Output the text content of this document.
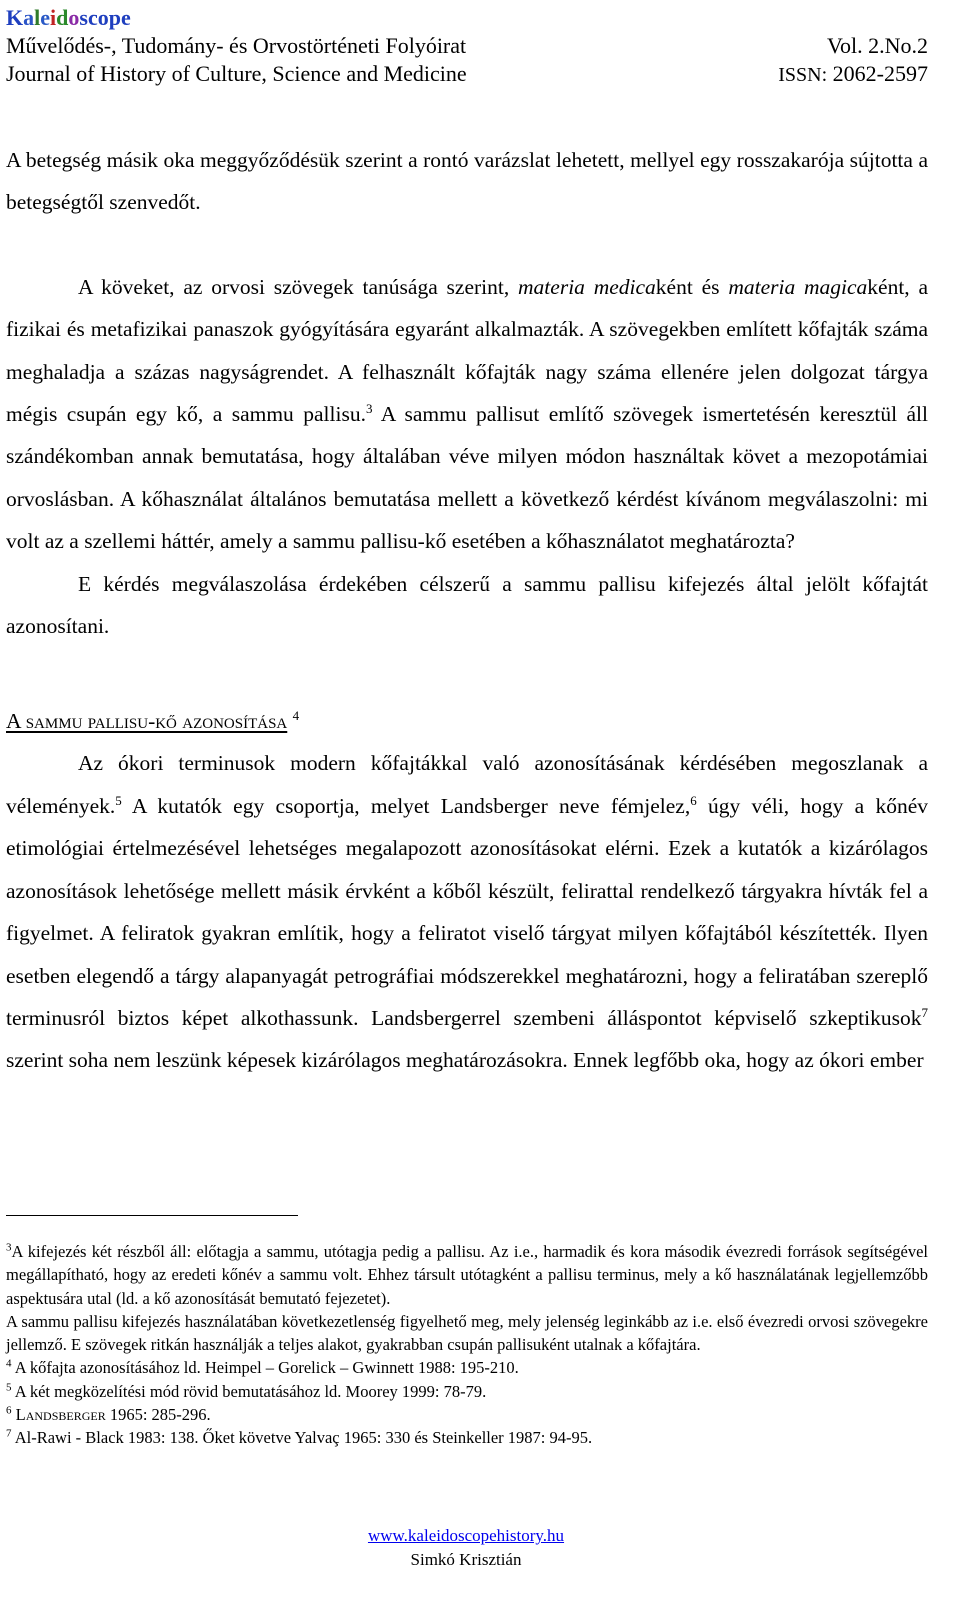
Kaleidoscope
Művelődés-, Tudomány- és Orvostörténeti Folyóirat	Vol. 2.No.2
Journal of History of Culture, Science and Medicine	ISSN: 2062-2597

A betegség másik oka meggyőződésük szerint a rontó varázslat lehetett, mellyel egy rosszakarója sújtotta a betegségtől szenvedőt.

A köveket, az orvosi szövegek tanúsága szerint, materia medicaként és materia magicaként, a fizikai és metafizikai panaszok gyógyítására egyaránt alkalmazták. A szövegekben említett kőfajták száma meghaladja a százas nagyságrendet. A felhasznált kőfajták nagy száma ellenére jelen dolgozat tárgya mégis csupán egy kő, a sammu pallisu.$^3$ A sammu pallisut említő szövegek ismertetésén keresztül áll szándékomban annak bemutatása, hogy általában véve milyen módon használtak követ a mezopotámiai orvoslásban. A kőhasználat általános bemutatása mellett a következő kérdést kívánom megválaszolni: mi volt az a szellemi háttér, amely a sammu pallisu-kő esetében a kőhasználatot meghatározta?

E kérdés megválaszolása érdekében célszerű a sammu pallisu kifejezés által jelölt kőfajtát azonosítani.

A sammu pallisu-kő azonosítása $^4$

Az ókori terminusok modern kőfajtákkal való azonosításának kérdésében megoszlanak a vélemények.$^5$ A kutatók egy csoportja, melyet Landsberger neve fémjelez,$^6$ úgy véli, hogy a kőnév etimológiai értelmezésével lehetséges megalapozott azonosításokat elérni. Ezek a kutatók a kizárólagos azonosítások lehetősége mellett másik érvként a kőből készült, felirattal rendelkező tárgyakra hívták fel a figyelmet. A feliratok gyakran említik, hogy a feliratot viselő tárgyat milyen kőfajtából készítették. Ilyen esetben elegendő a tárgy alapanyagát petrográfiai módszerekkel meghatározni, hogy a feliratában szereplő terminusról biztos képet alkothassunk. Landsbergerrel szembeni álláspontot képviselő szkeptikusok$^7$ szerint soha nem leszünk képesek kizárólagos meghatározásokra. Ennek legfőbb oka, hogy az ókori ember

$^3$A kifejezés két részből áll: előtagja a sammu, utótagja pedig a pallisu. Az i.e., harmadik és kora második évezredi források segítségével megállapítható, hogy az eredeti kőnév a sammu volt. Ehhez társult utótagként a pallisu terminus, mely a kő használatának legjellemzőbb aspektusára utal (ld. a kő azonosítását bemutató fejezetet).

A sammu pallisu kifejezés használatában következetlenség figyelhető meg, mely jelenség leginkább az i.e. első évezredi orvosi szövegekre jellemző. E szövegek ritkán használják a teljes alakot, gyakrabban csupán pallisuként utalnak a kőfajtára.

$^4$ A kőfajta azonosításához ld. Heimpel – Gorelick – Gwinnett 1988: 195-210.

$^5$ A két megközelítési mód rövid bemutatásához ld. Moorey 1999: 78-79.

$^6$ Landsberger 1965: 285-296.

$^7$ Al-Rawi - Black 1983: 138. Őket követve Yalvaç 1965: 330 és Steinkeller 1987: 94-95.

www.kaleidoscopehistory.hu
Simkó Krisztián
